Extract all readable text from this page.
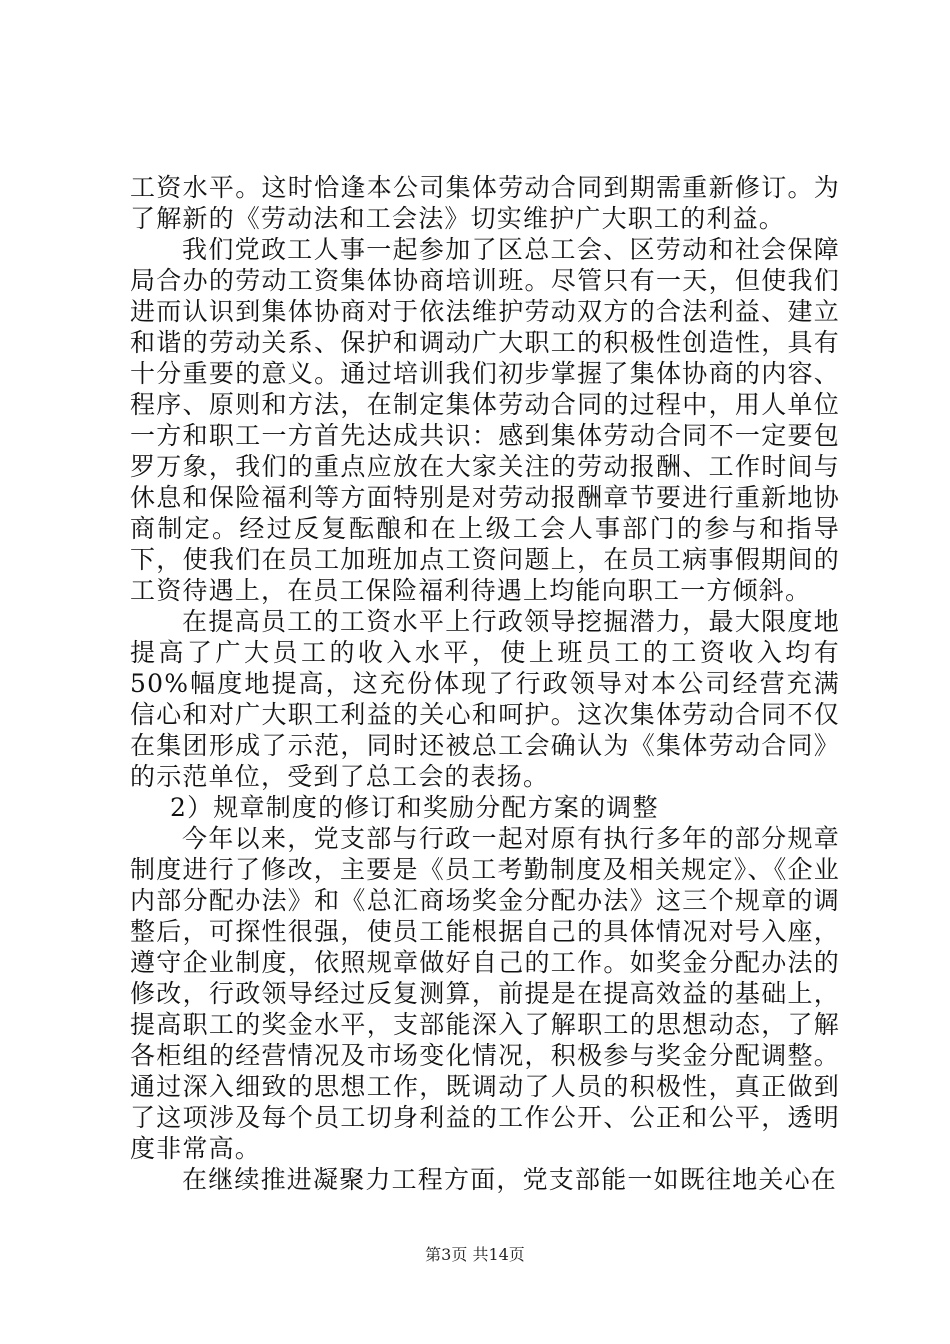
工资水平。这时恰逢本公司集体劳动合同到期需重新修订。为了解新的《劳动法和工会法》切实维护广大职工的利益。

我们党政工人事一起参加了区总工会、区劳动和社会保障局合办的劳动工资集体协商培训班。尽管只有一天，但使我们进而认识到集体协商对于依法维护劳动双方的合法利益、建立和谐的劳动关系、保护和调动广大职工的积极性创造性，具有十分重要的意义。通过培训我们初步掌握了集体协商的内容、程序、原则和方法，在制定集体劳动合同的过程中，用人单位一方和职工一方首先达成共识：感到集体劳动合同不一定要包罗万象，我们的重点应放在大家关注的劳动报酬、工作时间与休息和保险福利等方面特别是对劳动报酬章节要进行重新地协商制定。经过反复酝酿和在上级工会人事部门的参与和指导下，使我们在员工加班加点工资问题上，在员工病事假期间的工资待遇上，在员工保险福利待遇上均能向职工一方倾斜。

在提高员工的工资水平上行政领导挖掘潜力，最大限度地提高了广大员工的收入水平，使上班员工的工资收入均有50%幅度地提高，这充份体现了行政领导对本公司经营充满信心和对广大职工利益的关心和呵护。这次集体劳动合同不仅在集团形成了示范，同时还被总工会确认为《集体劳动合同》的示范单位，受到了总工会的表扬。

2）规章制度的修订和奖励分配方案的调整

今年以来，党支部与行政一起对原有执行多年的部分规章制度进行了修改，主要是《员工考勤制度及相关规定》、《企业内部分配办法》和《总汇商场奖金分配办法》这三个规章的调整后，可探性很强，使员工能根据自己的具体情况对号入座，遵守企业制度，依照规章做好自己的工作。如奖金分配办法的修改，行政领导经过反复测算，前提是在提高效益的基础上，提高职工的奖金水平，支部能深入了解职工的思想动态，了解各柜组的经营情况及市场变化情况，积极参与奖金分配调整。通过深入细致的思想工作，既调动了人员的积极性，真正做到了这项涉及每个员工切身利益的工作公开、公正和公平，透明度非常高。

在继续推进凝聚力工程方面，党支部能一如既往地关心在

第3页 共14页
